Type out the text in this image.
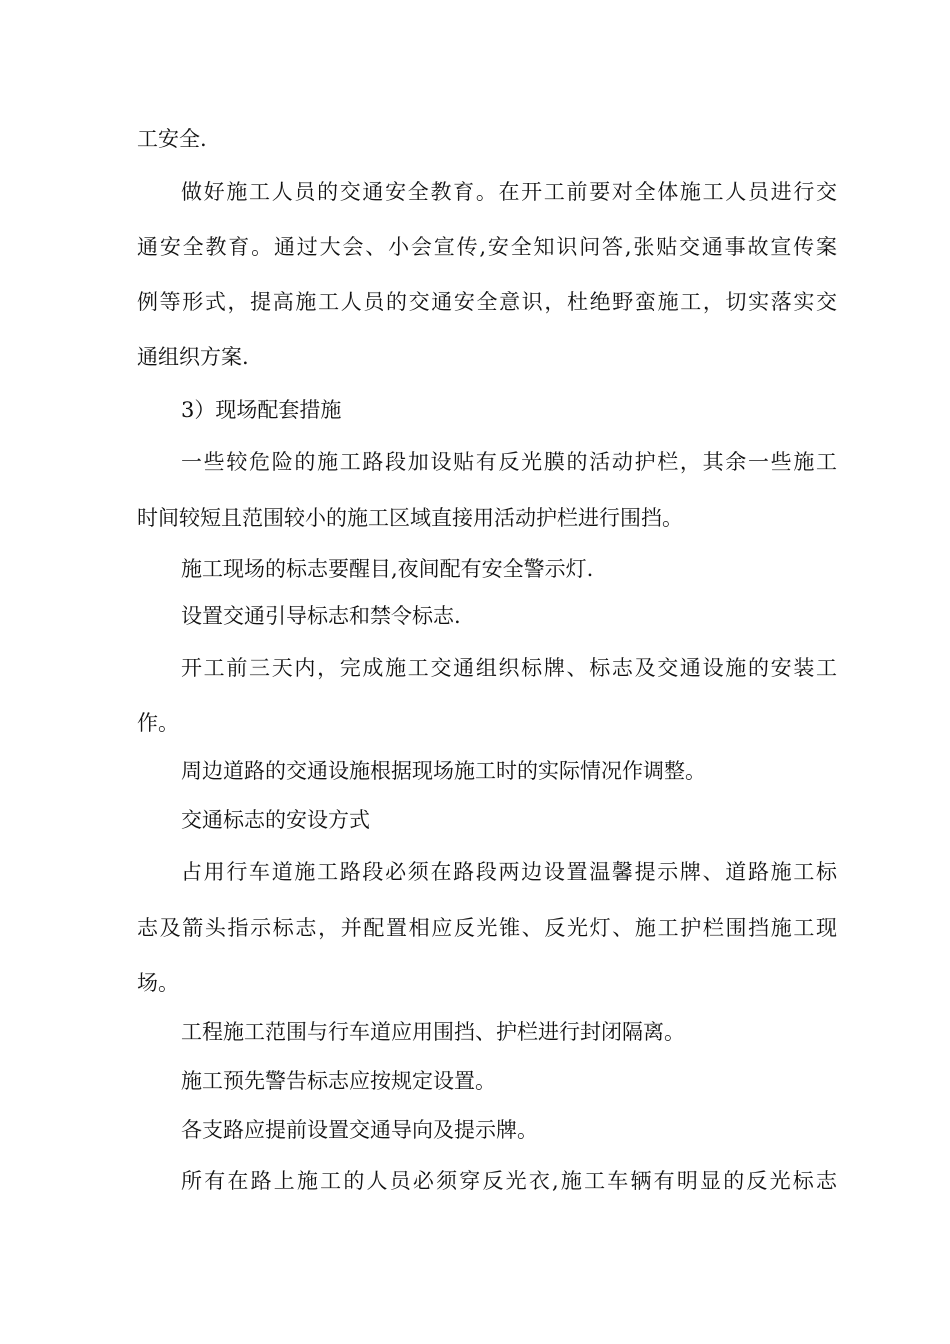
工安全.
做好施工人员的交通安全教育。在开工前要对全体施工人员进行交
通安全教育。通过大会、小会宣传,安全知识问答,张贴交通事故宣传案
例等形式，提高施工人员的交通安全意识，杜绝野蛮施工，切实落实交
通组织方案.
3）现场配套措施
一些较危险的施工路段加设贴有反光膜的活动护栏，其余一些施工
时间较短且范围较小的施工区域直接用活动护栏进行围挡。
施工现场的标志要醒目,夜间配有安全警示灯.
设置交通引导标志和禁令标志.
开工前三天内，完成施工交通组织标牌、标志及交通设施的安装工
作。
周边道路的交通设施根据现场施工时的实际情况作调整。
交通标志的安设方式
占用行车道施工路段必须在路段两边设置温馨提示牌、道路施工标
志及箭头指示标志，并配置相应反光锥、反光灯、施工护栏围挡施工现
场。
工程施工范围与行车道应用围挡、护栏进行封闭隔离。
施工预先警告标志应按规定设置。
各支路应提前设置交通导向及提示牌。
所有在路上施工的人员必须穿反光衣,施工车辆有明显的反光标志
